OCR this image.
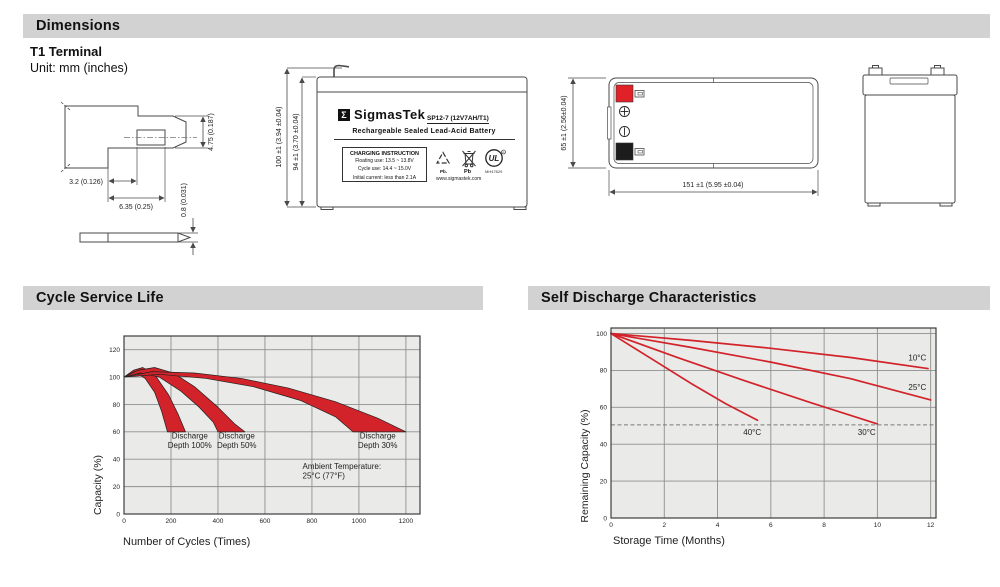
Dimensions
T1 Terminal
Unit: mm (inches)
Cycle Service Life	Self Discharge Characteristics
4.75 (0.187)
3.2 (0.126)
6.35 (0.25)	0.8 (0.031)
100 ±1 (3.94 ±0.04) 94 ±1 (3.70 ±0.04)	Σ SigmasTek SP12-7 (12V7AH/T1)
Rechargeable Sealed Lead-Acid Battery
CHARGING INSTRUCTION
Floating use: 13.5 ~ 13.8V
Cycle use: 14.4 ~ 15.0V
Initial current: less than 2.1A
Pb.	Pb
UL
R
MH47629
www.sigmastek.com
65 ±1 (2.56±0.04)
151 ±1 (5.95 ±0.04)
0
20
40
60
80
100
120
0	200	400	600	800	1000	1200
Discharge
Depth 100%
Discharge
Depth 50%
Discharge
Depth 30%
Ambient Temperature:
25°C (77°F)
Capacity (%)
Number of Cycles (Times)
0
20
40
60
80
100
0	2	4	6	8	10	12
10°C
25°C
30°C
40°C
Remaining Capacity (%)
Storage Time (Months)
